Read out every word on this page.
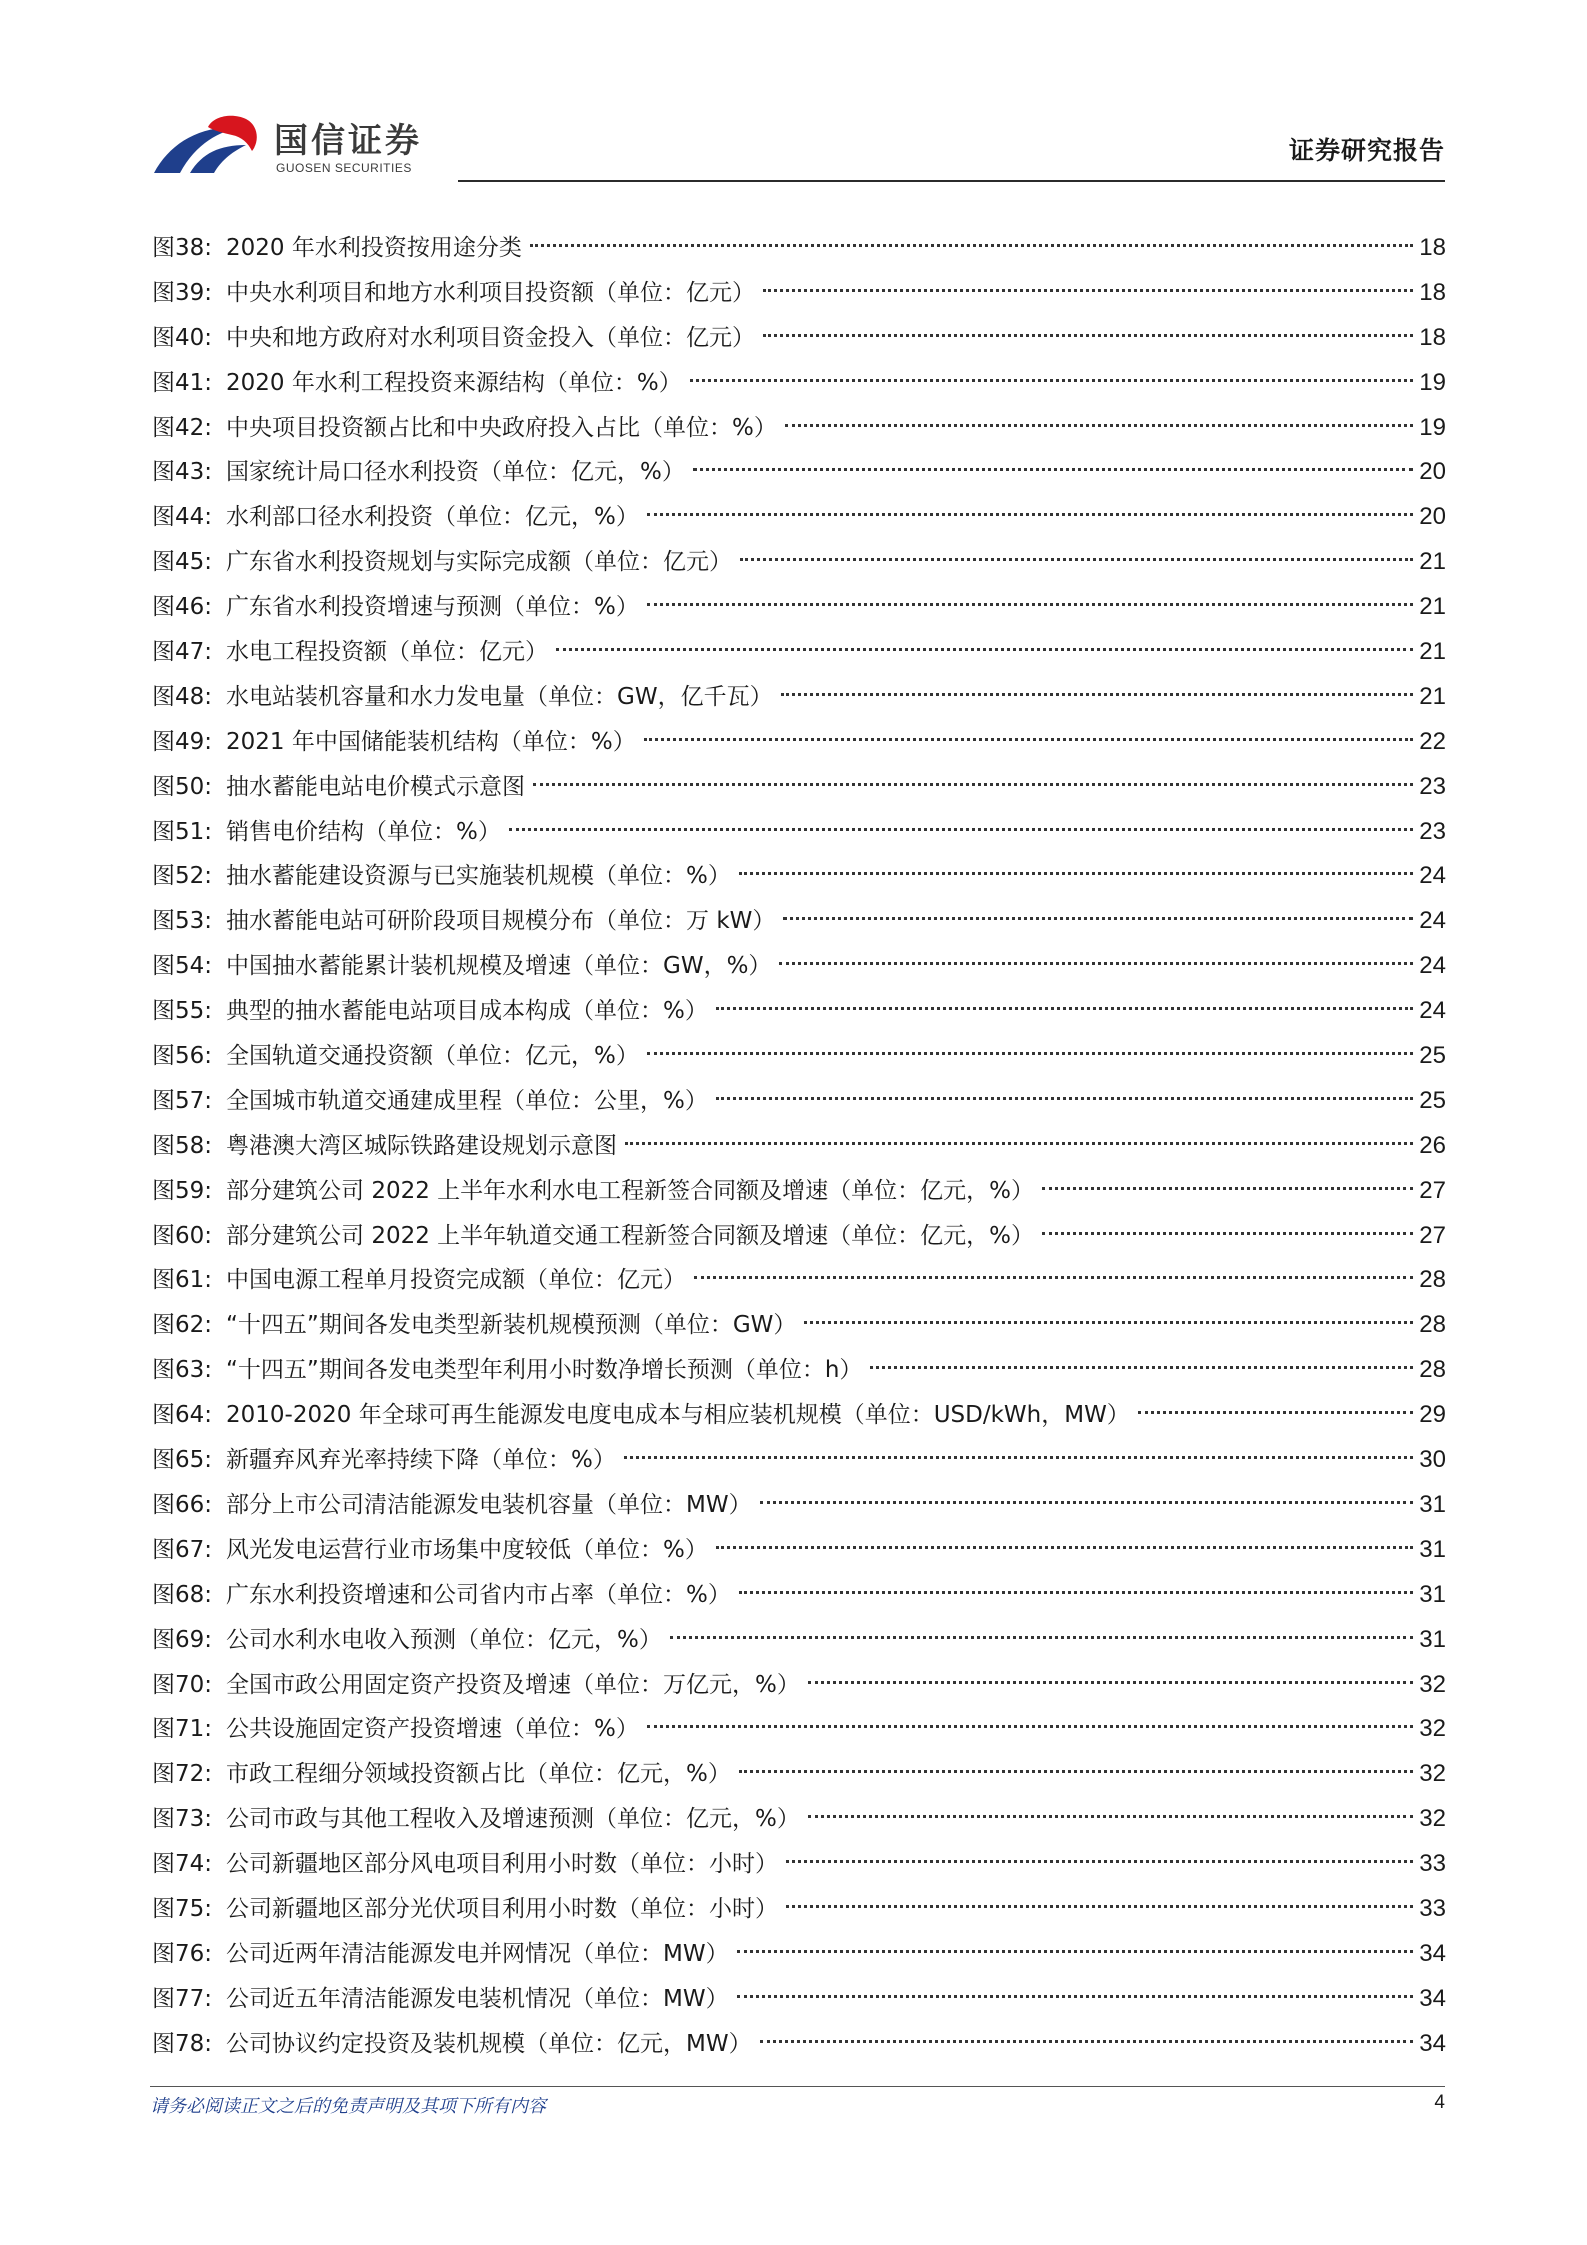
国信证券
GUOSEN SECURITIES
证券研究报告
图38: 2020 年水利投资按用途分类	18
图39: 中央水利项目和地方水利项目投资额（单位：亿元）	18
图40: 中央和地方政府对水利项目资金投入（单位：亿元）	18
图41: 2020 年水利工程投资来源结构（单位：%）	19
图42: 中央项目投资额占比和中央政府投入占比（单位：%）	19
图43: 国家统计局口径水利投资（单位：亿元，%）	20
图44: 水利部口径水利投资（单位：亿元，%）	20
图45: 广东省水利投资规划与实际完成额（单位：亿元）	21
图46: 广东省水利投资增速与预测（单位：%）	21
图47: 水电工程投资额（单位：亿元）	21
图48: 水电站装机容量和水力发电量（单位：GW，亿千瓦）	21
图49: 2021 年中国储能装机结构（单位：%）	22
图50: 抽水蓄能电站电价模式示意图	23
图51: 销售电价结构（单位：%）	23
图52: 抽水蓄能建设资源与已实施装机规模（单位：%）	24
图53: 抽水蓄能电站可研阶段项目规模分布（单位：万 kW）	24
图54: 中国抽水蓄能累计装机规模及增速（单位：GW，%）	24
图55: 典型的抽水蓄能电站项目成本构成（单位：%）	24
图56: 全国轨道交通投资额（单位：亿元，%）	25
图57: 全国城市轨道交通建成里程（单位：公里，%）	25
图58: 粤港澳大湾区城际铁路建设规划示意图	26
图59: 部分建筑公司 2022 上半年水利水电工程新签合同额及增速（单位：亿元，%）	27
图60: 部分建筑公司 2022 上半年轨道交通工程新签合同额及增速（单位：亿元，%）	27
图61: 中国电源工程单月投资完成额（单位：亿元）	28
图62: “十四五”期间各发电类型新装机规模预测（单位：GW）	28
图63: “十四五”期间各发电类型年利用小时数净增长预测（单位：h）	28
图64: 2010-2020 年全球可再生能源发电度电成本与相应装机规模（单位：USD/kWh，MW）	29
图65: 新疆弃风弃光率持续下降（单位：%）	30
图66: 部分上市公司清洁能源发电装机容量（单位：MW）	31
图67: 风光发电运营行业市场集中度较低（单位：%）	31
图68: 广东水利投资增速和公司省内市占率（单位：%）	31
图69: 公司水利水电收入预测（单位：亿元，%）	31
图70: 全国市政公用固定资产投资及增速（单位：万亿元，%）	32
图71: 公共设施固定资产投资增速（单位：%）	32
图72: 市政工程细分领域投资额占比（单位：亿元，%）	32
图73: 公司市政与其他工程收入及增速预测（单位：亿元，%）	32
图74: 公司新疆地区部分风电项目利用小时数（单位：小时）	33
图75: 公司新疆地区部分光伏项目利用小时数（单位：小时）	33
图76: 公司近两年清洁能源发电并网情况（单位：MW）	34
图77: 公司近五年清洁能源发电装机情况（单位：MW）	34
图78: 公司协议约定投资及装机规模（单位：亿元，MW）	34
请务必阅读正文之后的免责声明及其项下所有内容	4
